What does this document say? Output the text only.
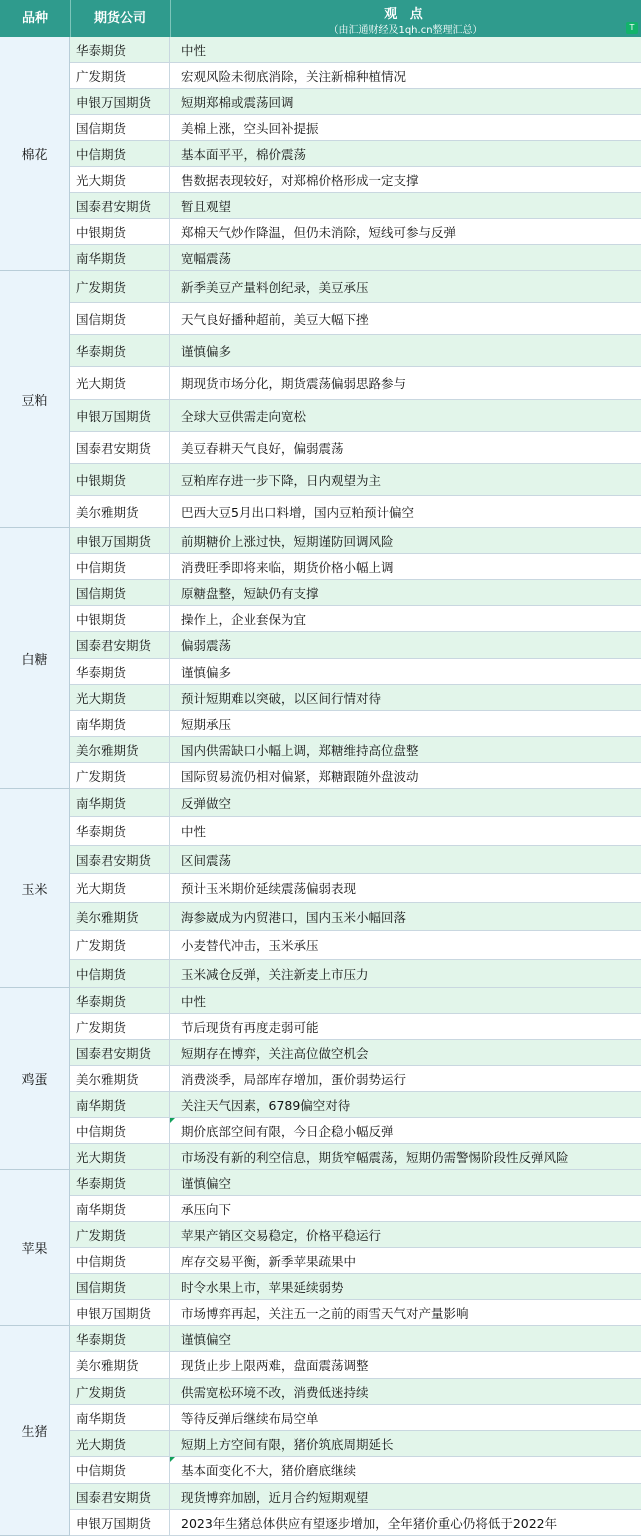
品种	期货公司	观 点
（由汇通财经及1qh.cn整理汇总）	T
棉花
华泰期货	中性
广发期货	宏观风险未彻底消除，关注新棉种植情况
申银万国期货	短期郑棉或震荡回调
国信期货	美棉上涨，空头回补提振
中信期货	基本面平平，棉价震荡
光大期货	售数据表现较好，对郑棉价格形成一定支撑
国泰君安期货	暂且观望
中银期货	郑棉天气炒作降温，但仍未消除，短线可参与反弹
南华期货	宽幅震荡
豆粕
广发期货	新季美豆产量料创纪录，美豆承压
国信期货	天气良好播种超前，美豆大幅下挫
华泰期货	谨慎偏多
光大期货	期现货市场分化，期货震荡偏弱思路参与
申银万国期货	全球大豆供需走向宽松
国泰君安期货	美豆春耕天气良好，偏弱震荡
中银期货	豆粕库存进一步下降，日内观望为主
美尔雅期货	巴西大豆5月出口料增，国内豆粕预计偏空
白糖
申银万国期货	前期糖价上涨过快，短期谨防回调风险
中信期货	消费旺季即将来临，期货价格小幅上调
国信期货	原糖盘整，短缺仍有支撑
中银期货	操作上，企业套保为宜
国泰君安期货	偏弱震荡
华泰期货	谨慎偏多
光大期货	预计短期难以突破，以区间行情对待
南华期货	短期承压
美尔雅期货	国内供需缺口小幅上调，郑糖维持高位盘整
广发期货	国际贸易流仍相对偏紧，郑糖跟随外盘波动
玉米
南华期货	反弹做空
华泰期货	中性
国泰君安期货	区间震荡
光大期货	预计玉米期价延续震荡偏弱表现
美尔雅期货	海参崴成为内贸港口，国内玉米小幅回落
广发期货	小麦替代冲击，玉米承压
中信期货	玉米减仓反弹，关注新麦上市压力
鸡蛋
华泰期货	中性
广发期货	节后现货有再度走弱可能
国泰君安期货	短期存在博弈，关注高位做空机会
美尔雅期货	消费淡季，局部库存增加，蛋价弱势运行
南华期货	关注天气因素，6789偏空对待
中信期货	期价底部空间有限，今日企稳小幅反弹
光大期货	市场没有新的利空信息，期货窄幅震荡，短期仍需警惕阶段性反弹风险
苹果
华泰期货	谨慎偏空
南华期货	承压向下
广发期货	苹果产销区交易稳定，价格平稳运行
中信期货	库存交易平衡，新季苹果疏果中
国信期货	时令水果上市，苹果延续弱势
申银万国期货	市场博弈再起，关注五一之前的雨雪天气对产量影响
生猪
华泰期货	谨慎偏空
美尔雅期货	现货止步上限两难，盘面震荡调整
广发期货	供需宽松环境不改，消费低迷持续
南华期货	等待反弹后继续布局空单
光大期货	短期上方空间有限，猪价筑底周期延长
中信期货	基本面变化不大，猪价磨底继续
国泰君安期货	现货博弈加剧，近月合约短期观望
申银万国期货	2023年生猪总体供应有望逐步增加，全年猪价重心仍将低于2022年
